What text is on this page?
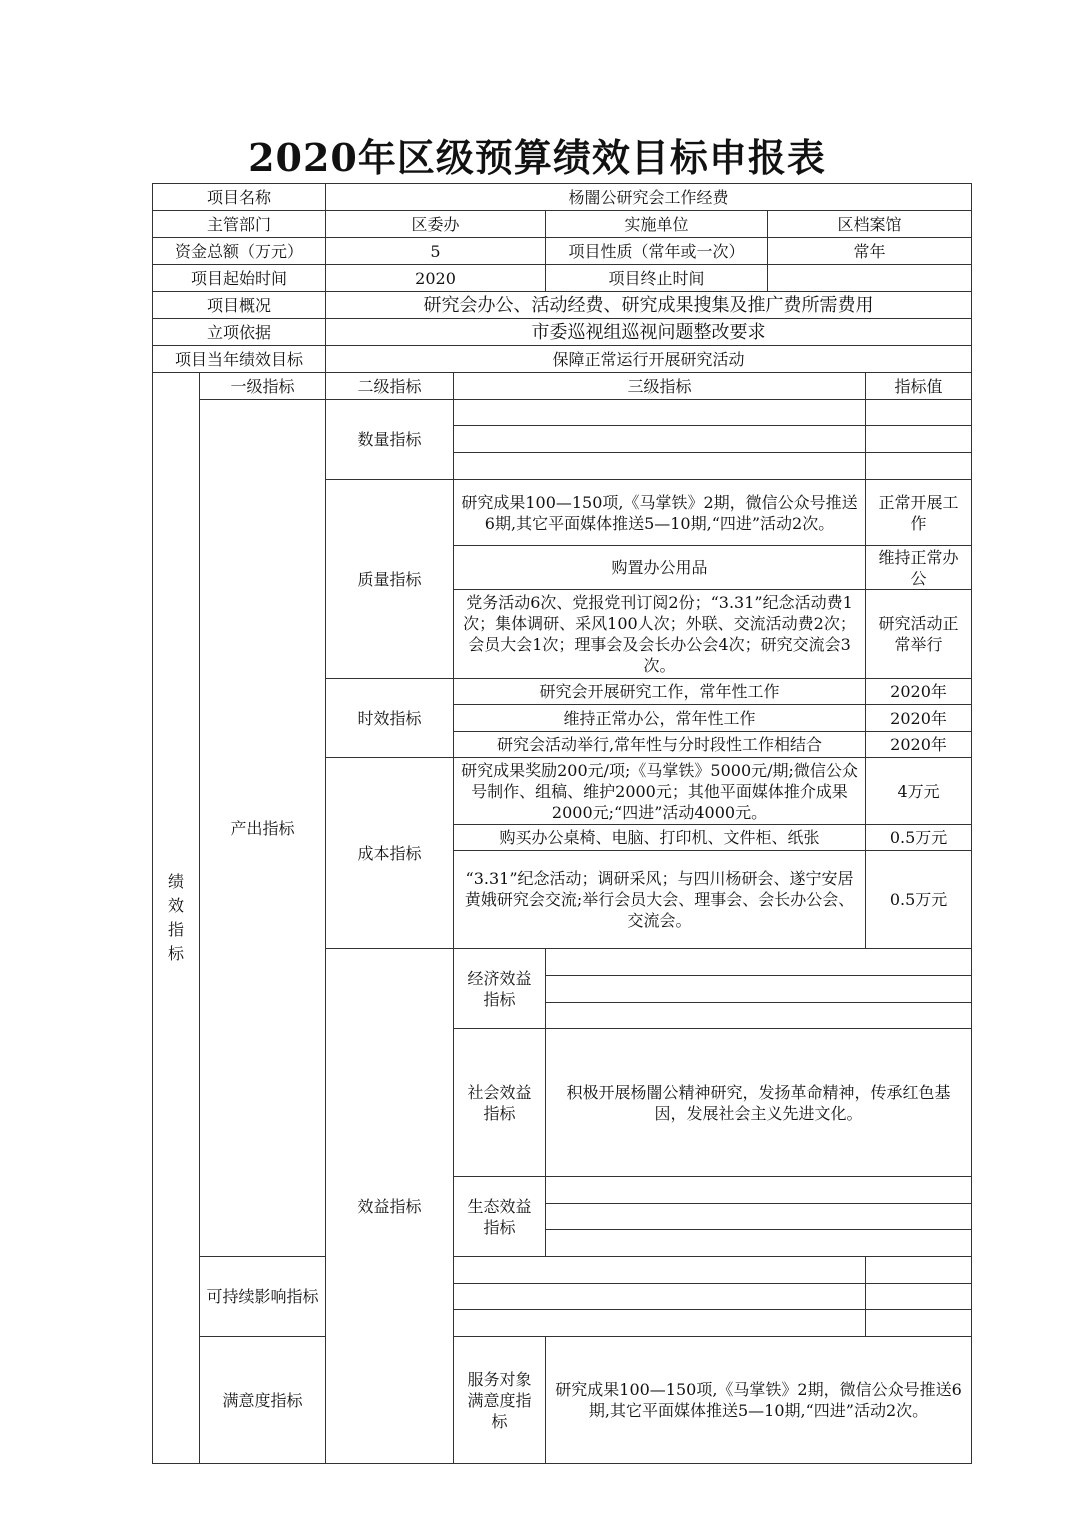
2020年区级预算绩效目标申报表
项目名称		杨闇公研究会工作经费					
主管部门		区委办		实施单位	区档案馆		
资金总额（万元）		5		项目性质（常年或一次）	常年		
项目起始时间		2020		项目终止时间			
项目概况		研究会办公、活动经费、研究成果搜集及推广费所需费用					
立项依据		市委巡视组巡视问题整改要求					
项目当年绩效目标		保障正常运行开展研究活动					

绩效指标	一级指标	二级指标	三级指标			指标值	
	产出指标	数量指标					

		质量指标	研究成果100—150项,《马掌铁》2期，微信公众号推送6期,其它平面媒体推送5—10期,“四进”活动2次。			正常开展工作	
			购置办公用品			维持正常办公	
			党务活动6次、党报党刊订阅2份；“3.31”纪念活动费1次；集体调研、采风100人次；外联、交流活动费2次；会员大会1次；理事会及会长办公会4次；研究交流会3次。			研究活动正常举行	
		时效指标	研究会开展研究工作，常年性工作			2020年	
			维持正常办公，常年性工作			2020年	
			研究会活动举行,常年性与分时段性工作相结合			2020年	
		成本指标	研究成果奖励200元/项;《马掌铁》5000元/期;微信公众号制作、组稿、维护2000元；其他平面媒体推介成果2000元;“四进”活动4000元。			4万元	
			购买办公桌椅、电脑、打印机、文件柜、纸张			0.5万元	
			“3.31”纪念活动；调研采风；与四川杨研会、遂宁安居黄娥研究会交流;举行会员大会、理事会、会长办公会、交流会。			0.5万元	
		效益指标	经济效益指标				

			社会效益指标	积极开展杨闇公精神研究，发扬革命精神，传承红色基因，发展社会主义先进文化。	
			生态效益指标				

	可持续影响指标						

	满意度指标		服务对象满意度指标	研究成果100—150项,《马掌铁》2期，微信公众号推送6期,其它平面媒体推送5—10期,“四进”活动2次。	
